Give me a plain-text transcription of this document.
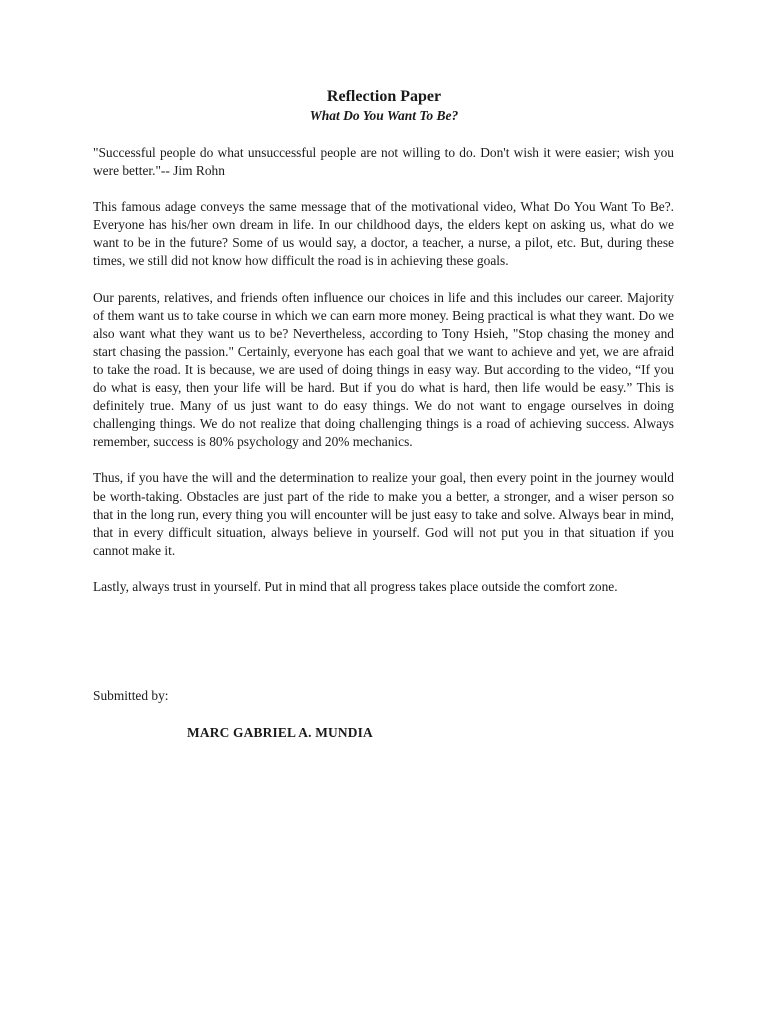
Reflection Paper
What Do You Want To Be?

"Successful people do what unsuccessful people are not willing to do. Don't wish it were easier; wish you were better."-- Jim Rohn

This famous adage conveys the same message that of the motivational video, What Do You Want To Be?. Everyone has his/her own dream in life. In our childhood days, the elders kept on asking us, what do we want to be in the future? Some of us would say, a doctor, a teacher, a nurse, a pilot, etc. But, during these times, we still did not know how difficult the road is in achieving these goals.

Our parents, relatives, and friends often influence our choices in life and this includes our career. Majority of them want us to take course in which we can earn more money. Being practical is what they want. Do we also want what they want us to be? Nevertheless, according to Tony Hsieh, "Stop chasing the money and start chasing the passion." Certainly, everyone has each goal that we want to achieve and yet, we are afraid to take the road. It is because, we are used of doing things in easy way. But according to the video, “If you do what is easy, then your life will be hard. But if you do what is hard, then life would be easy.” This is definitely true. Many of us just want to do easy things. We do not want to engage ourselves in doing challenging things. We do not realize that doing challenging things is a road of achieving success. Always remember, success is 80% psychology and 20% mechanics.

Thus, if you have the will and the determination to realize your goal, then every point in the journey would be worth-taking. Obstacles are just part of the ride to make you a better, a stronger, and a wiser person so that in the long run, every thing you will encounter will be just easy to take and solve. Always bear in mind, that in every difficult situation, always believe in yourself. God will not put you in that situation if you cannot make it.

Lastly, always trust in yourself. Put in mind that all progress takes place outside the comfort zone.

Submitted by:
MARC GABRIEL A. MUNDIA
